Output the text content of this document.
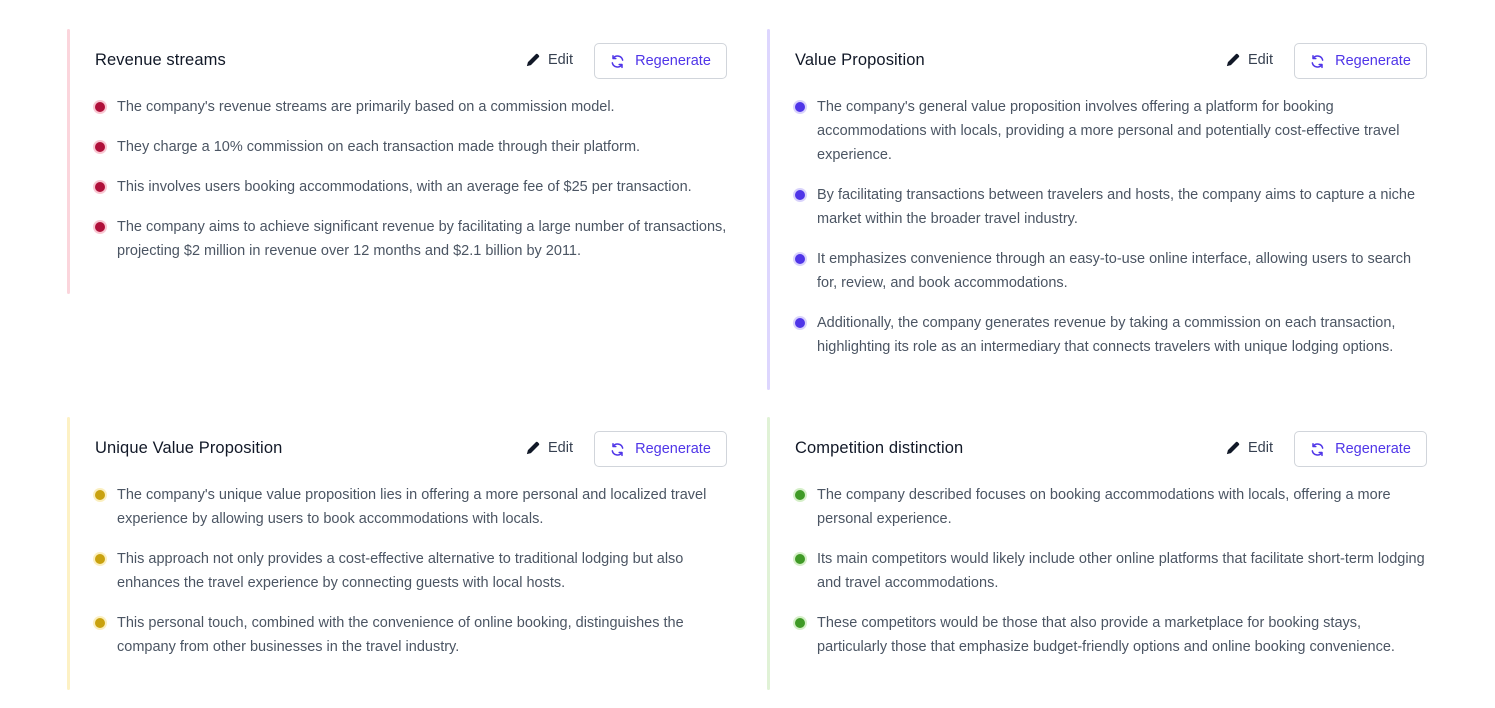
Revenue streams	Edit	Regenerate
The company's revenue streams are primarily based on a commission model.
They charge a 10% commission on each transaction made through their platform.
This involves users booking accommodations, with an average fee of $25 per transaction.
The company aims to achieve significant revenue by facilitating a large number of transactions, projecting $2 million in revenue over 12 months and $2.1 billion by 2011.
Value Proposition	Edit	Regenerate
The company's general value proposition involves offering a platform for booking accommodations with locals, providing a more personal and potentially cost-effective travel experience.
By facilitating transactions between travelers and hosts, the company aims to capture a niche market within the broader travel industry.
It emphasizes convenience through an easy-to-use online interface, allowing users to search for, review, and book accommodations.
Additionally, the company generates revenue by taking a commission on each transaction, highlighting its role as an intermediary that connects travelers with unique lodging options.
Unique Value Proposition	Edit	Regenerate
The company's unique value proposition lies in offering a more personal and localized travel experience by allowing users to book accommodations with locals.
This approach not only provides a cost-effective alternative to traditional lodging but also enhances the travel experience by connecting guests with local hosts.
This personal touch, combined with the convenience of online booking, distinguishes the company from other businesses in the travel industry.
Competition distinction	Edit	Regenerate
The company described focuses on booking accommodations with locals, offering a more personal experience.
Its main competitors would likely include other online platforms that facilitate short-term lodging and travel accommodations.
These competitors would be those that also provide a marketplace for booking stays, particularly those that emphasize budget-friendly options and online booking convenience.
